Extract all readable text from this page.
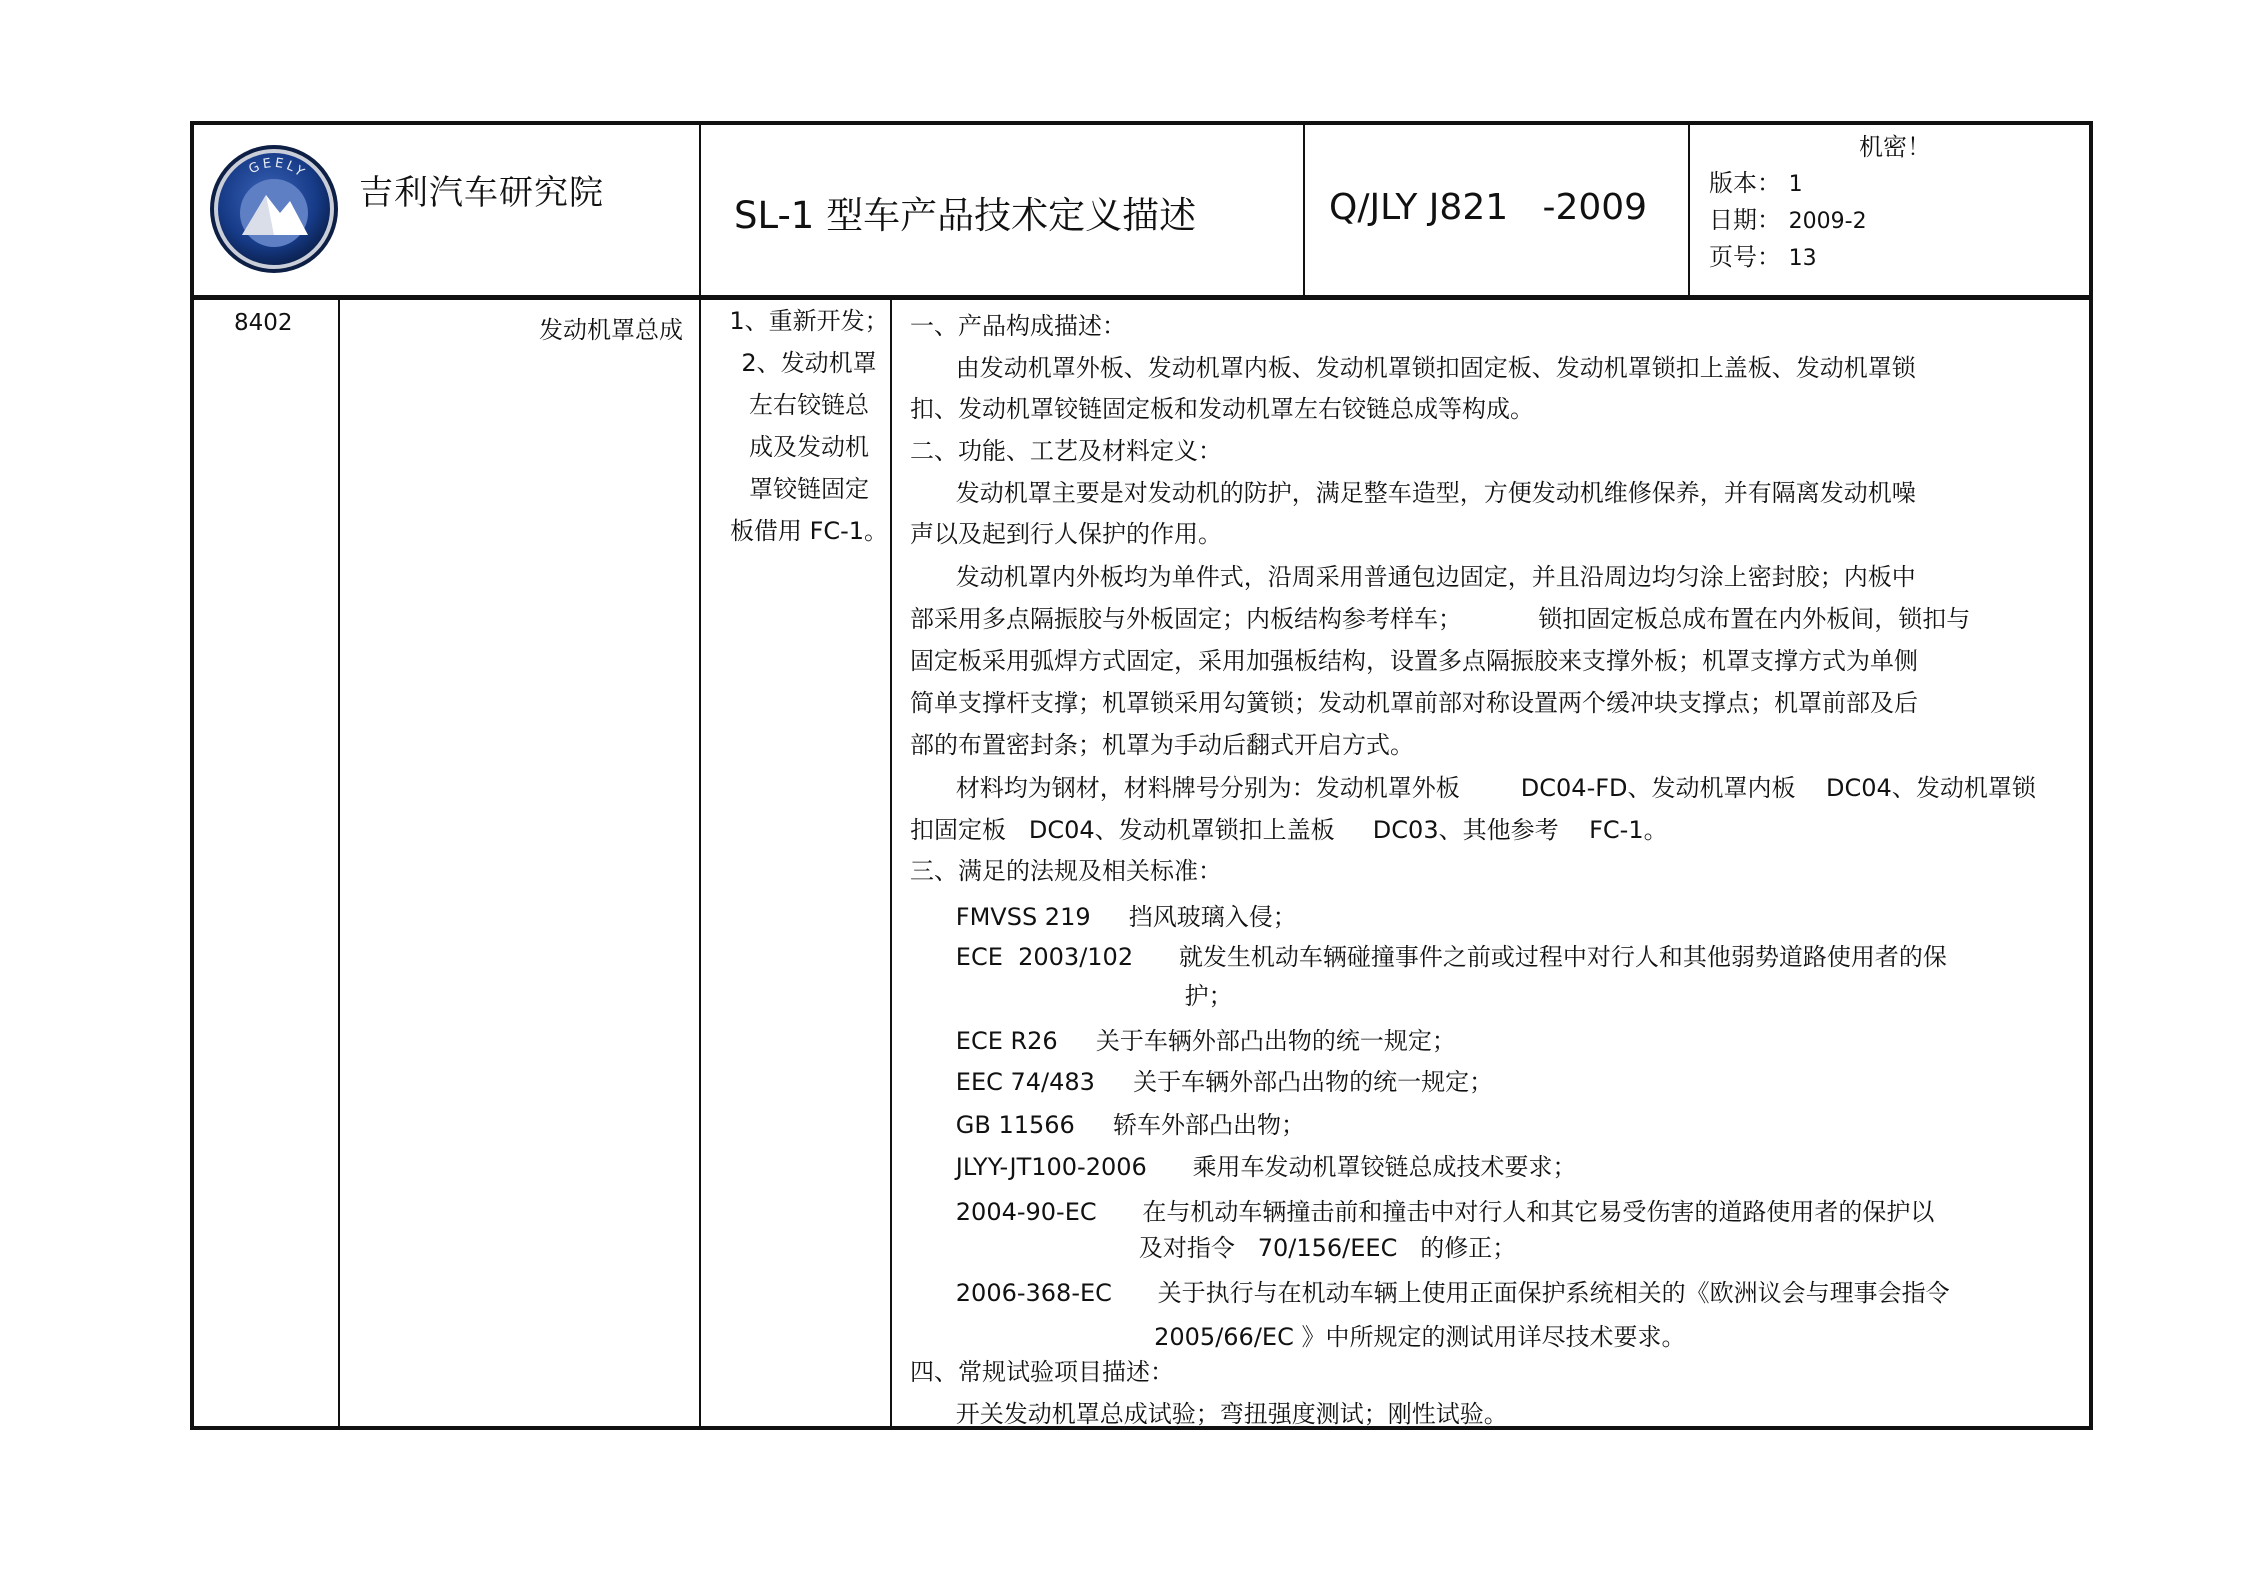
GEELY
吉利汽车研究院
SL-1 型车产品技术定义描述	Q/JLY J821   -2009
机密！
版本： 1
日期： 2009-2
页号： 13
8402	发动机罩总成	1、重新开发；
2、发动机罩
左右铰链总
成及发动机
罩铰链固定
板借用 FC-1。
一、产品构成描述：
由发动机罩外板、发动机罩内板、发动机罩锁扣固定板、发动机罩锁扣上盖板、发动机罩锁
扣、发动机罩铰链固定板和发动机罩左右铰链总成等构成。
二、功能、工艺及材料定义：
发动机罩主要是对发动机的防护，满足整车造型，方便发动机维修保养，并有隔离发动机噪
声以及起到行人保护的作用。
发动机罩内外板均为单件式，沿周采用普通包边固定，并且沿周边均匀涂上密封胶；内板中
部采用多点隔振胶与外板固定；内板结构参考样车；          锁扣固定板总成布置在内外板间，锁扣与
固定板采用弧焊方式固定，采用加强板结构，设置多点隔振胶来支撑外板；机罩支撑方式为单侧
简单支撑杆支撑；机罩锁采用勾簧锁；发动机罩前部对称设置两个缓冲块支撑点；机罩前部及后
部的布置密封条；机罩为手动后翻式开启方式。
材料均为钢材，材料牌号分别为：发动机罩外板        DC04-FD、发动机罩内板    DC04、发动机罩锁
扣固定板   DC04、发动机罩锁扣上盖板     DC03、其他参考    FC-1。
三、满足的法规及相关标准：
FMVSS 219     挡风玻璃入侵；
ECE  2003/102      就发生机动车辆碰撞事件之前或过程中对行人和其他弱势道路使用者的保
护；
ECE R26     关于车辆外部凸出物的统一规定；
EEC 74/483     关于车辆外部凸出物的统一规定；
GB 11566     轿车外部凸出物；
JLYY-JT100-2006      乘用车发动机罩铰链总成技术要求；
2004-90-EC      在与机动车辆撞击前和撞击中对行人和其它易受伤害的道路使用者的保护以
及对指令   70/156/EEC   的修正；
2006-368-EC      关于执行与在机动车辆上使用正面保护系统相关的《欧洲议会与理事会指令
2005/66/EC 》中所规定的测试用详尽技术要求。
四、常规试验项目描述：
开关发动机罩总成试验；弯扭强度测试；刚性试验。
